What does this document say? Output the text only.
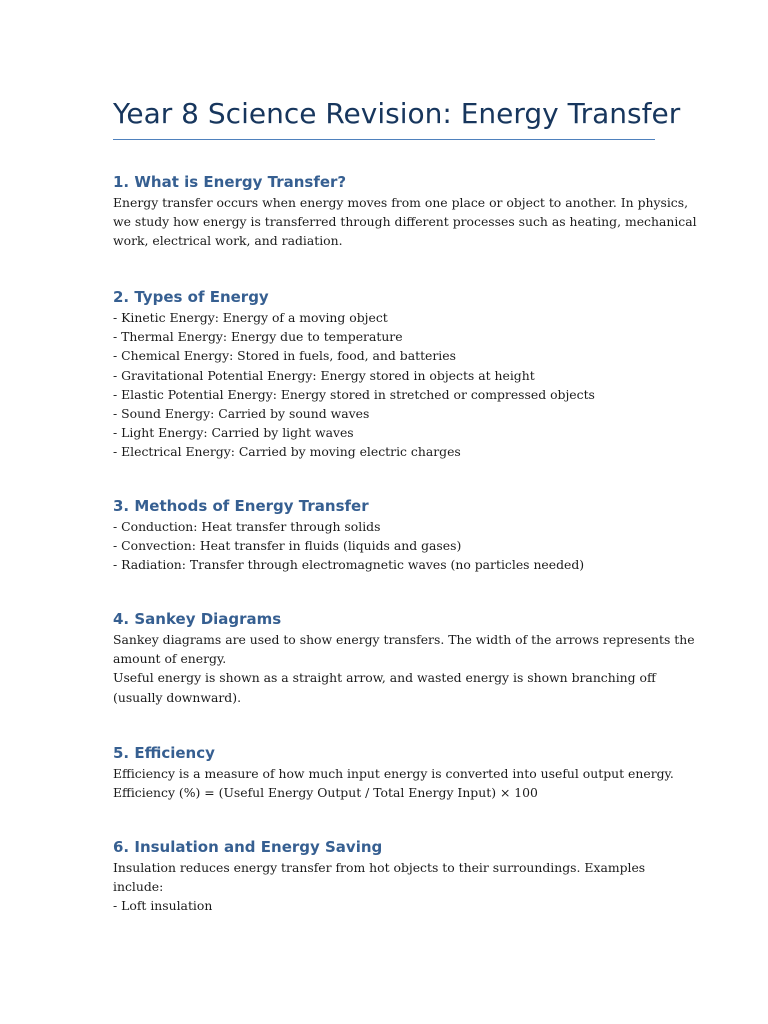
Year 8 Science Revision: Energy Transfer
1. What is Energy Transfer?

Energy transfer occurs when energy moves from one place or object to another. In physics,

we study how energy is transferred through different processes such as heating, mechanical

work, electrical work, and radiation.

2. Types of Energy

- Kinetic Energy: Energy of a moving object

- Thermal Energy: Energy due to temperature

- Chemical Energy: Stored in fuels, food, and batteries

- Gravitational Potential Energy: Energy stored in objects at height

- Elastic Potential Energy: Energy stored in stretched or compressed objects

- Sound Energy: Carried by sound waves

- Light Energy: Carried by light waves

- Electrical Energy: Carried by moving electric charges

3. Methods of Energy Transfer

- Conduction: Heat transfer through solids

- Convection: Heat transfer in fluids (liquids and gases)

- Radiation: Transfer through electromagnetic waves (no particles needed)

4. Sankey Diagrams

Sankey diagrams are used to show energy transfers. The width of the arrows represents the

amount of energy.

Useful energy is shown as a straight arrow, and wasted energy is shown branching off

(usually downward).

5. Efficiency

Efficiency is a measure of how much input energy is converted into useful output energy.

Efficiency (%) = (Useful Energy Output / Total Energy Input) × 100

6. Insulation and Energy Saving

Insulation reduces energy transfer from hot objects to their surroundings. Examples

include:

- Loft insulation
